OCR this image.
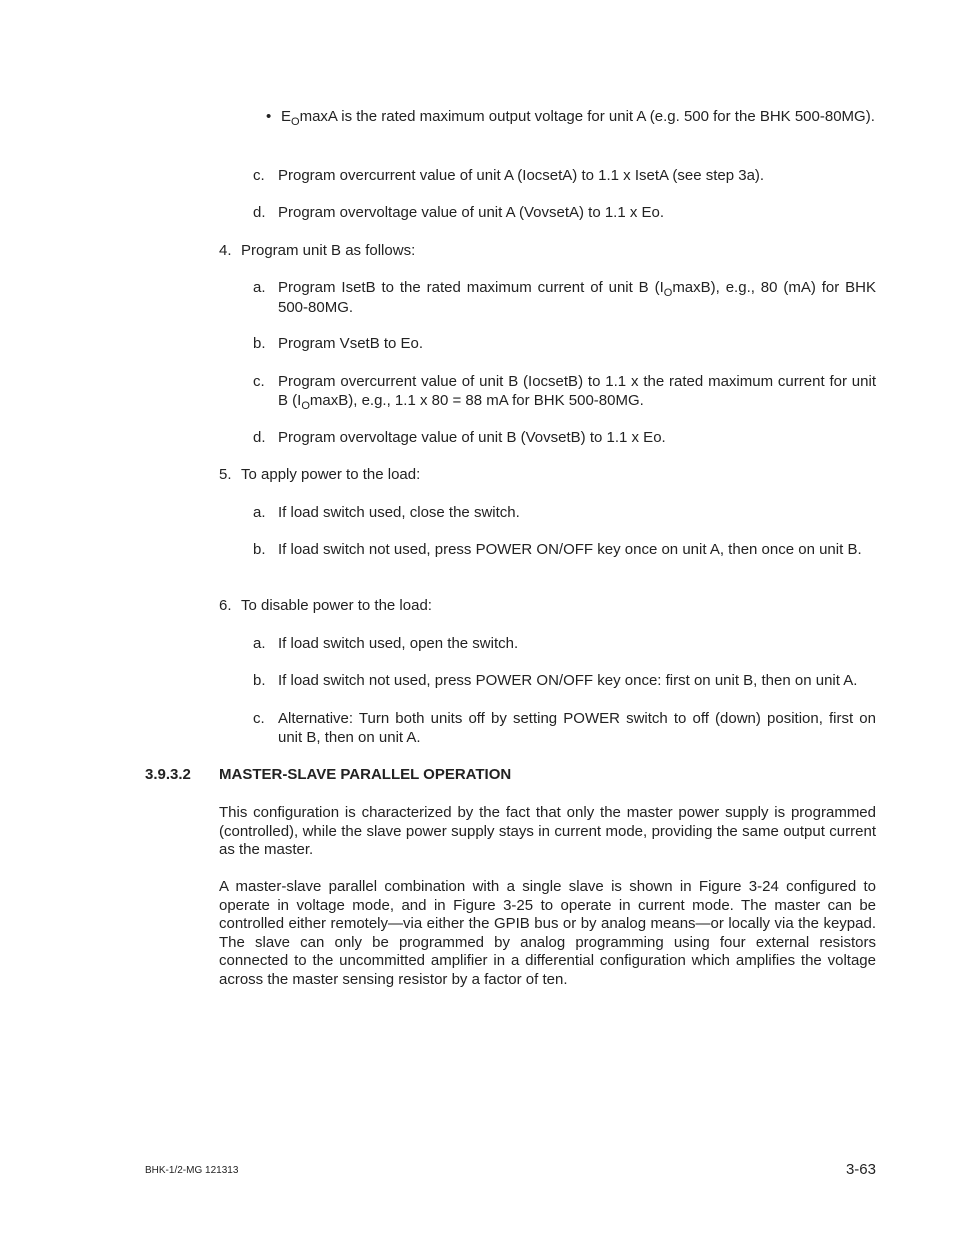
• $E_O\max A$ is the rated maximum output voltage for unit A (e.g. 500 for the BHK 500-80MG).

c. Program overcurrent value of unit A (IocsetA) to 1.1 x IsetA (see step 3a).

d. Program overvoltage value of unit A (VovsetA) to 1.1 x Eo.

4. Program unit B as follows:

a. Program IsetB to the rated maximum current of unit B $(I_O\max B)$, e.g., 80 (mA) for BHK 500-80MG.

b. Program VsetB to Eo.

c. Program overcurrent value of unit B (IocsetB) to 1.1 x the rated maximum current for unit B $(I_O\max B)$, e.g., 1.1 x 80 = 88 mA for BHK 500-80MG.

d. Program overvoltage value of unit B (VovsetB) to 1.1 x Eo.

5. To apply power to the load:

a. If load switch used, close the switch.

b. If load switch not used, press POWER ON/OFF key once on unit A, then once on unit B.

6. To disable power to the load:

a. If load switch used, open the switch.

b. If load switch not used, press POWER ON/OFF key once: first on unit B, then on unit A.

c. Alternative: Turn both units off by setting POWER switch to off (down) position, first on unit B, then on unit A.

3.9.3.2 MASTER-SLAVE PARALLEL OPERATION

This configuration is characterized by the fact that only the master power supply is programmed (controlled), while the slave power supply stays in current mode, providing the same output current as the master.

A master-slave parallel combination with a single slave is shown in Figure 3-24 configured to operate in voltage mode, and in Figure 3-25 to operate in current mode. The master can be controlled either remotely—via either the GPIB bus or by analog means—or locally via the keypad. The slave can only be programmed by analog programming using four external resistors connected to the uncommitted amplifier in a differential configuration which amplifies the voltage across the master sensing resistor by a factor of ten.

BHK-1/2-MG 121313	3-63
